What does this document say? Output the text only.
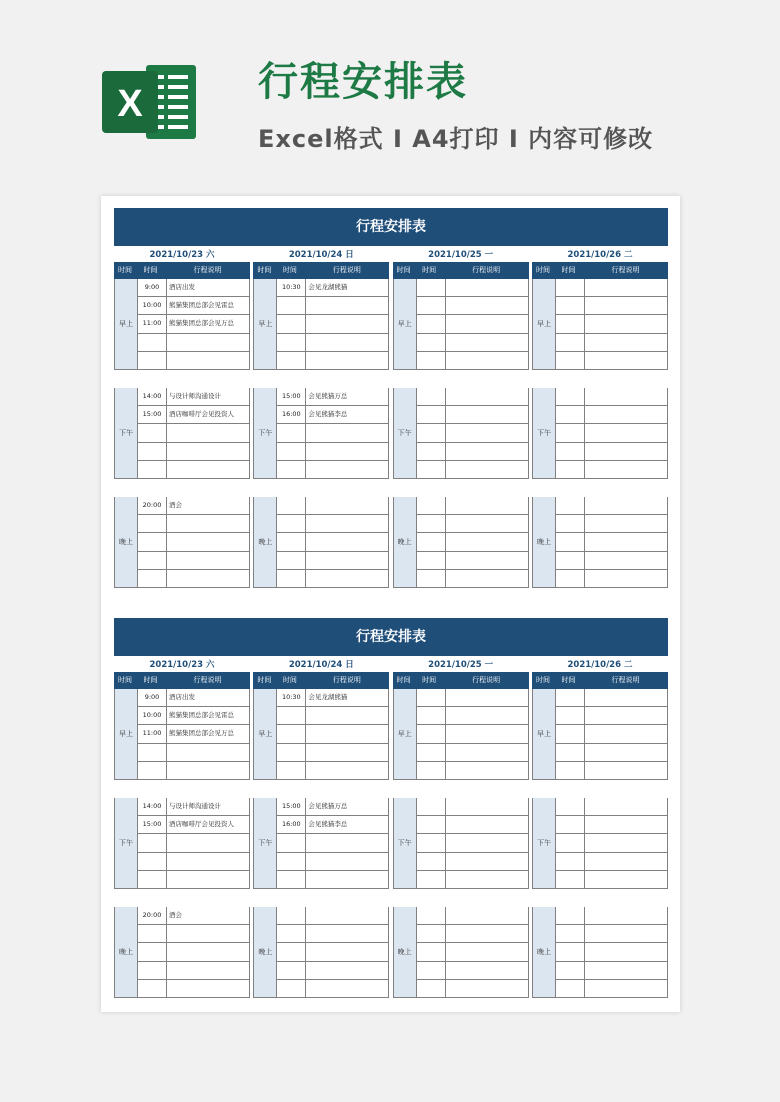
X	行程安排表
Excel格式 I A4打印 I 内容可修改
行程安排表
2021/10/23 六
时间	时间	行程说明
早上
9:00	酒店出发
10:00	熊猫集团总部会见雷总
11:00	熊猫集团总部会见万总
下午
14:00	与设计师沟通设计
15:00	酒店咖啡厅会见投资人
晚上
20:00	酒会
2021/10/24 日
时间	时间	行程说明
早上
10:30	会见龙湖熊猫
下午
15:00	会见熊猫万总
16:00	会见熊猫李总
晚上
2021/10/25 一
时间	时间	行程说明
早上
下午
晚上
2021/10/26 二
时间	时间	行程说明
早上
下午
晚上
行程安排表
2021/10/23 六
时间	时间	行程说明
早上
9:00	酒店出发
10:00	熊猫集团总部会见雷总
11:00	熊猫集团总部会见万总
下午
14:00	与设计师沟通设计
15:00	酒店咖啡厅会见投资人
晚上
20:00	酒会
2021/10/24 日
时间	时间	行程说明
早上
10:30	会见龙湖熊猫
下午
15:00	会见熊猫万总
16:00	会见熊猫李总
晚上
2021/10/25 一
时间	时间	行程说明
早上
下午
晚上
2021/10/26 二
时间	时间	行程说明
早上
下午
晚上
